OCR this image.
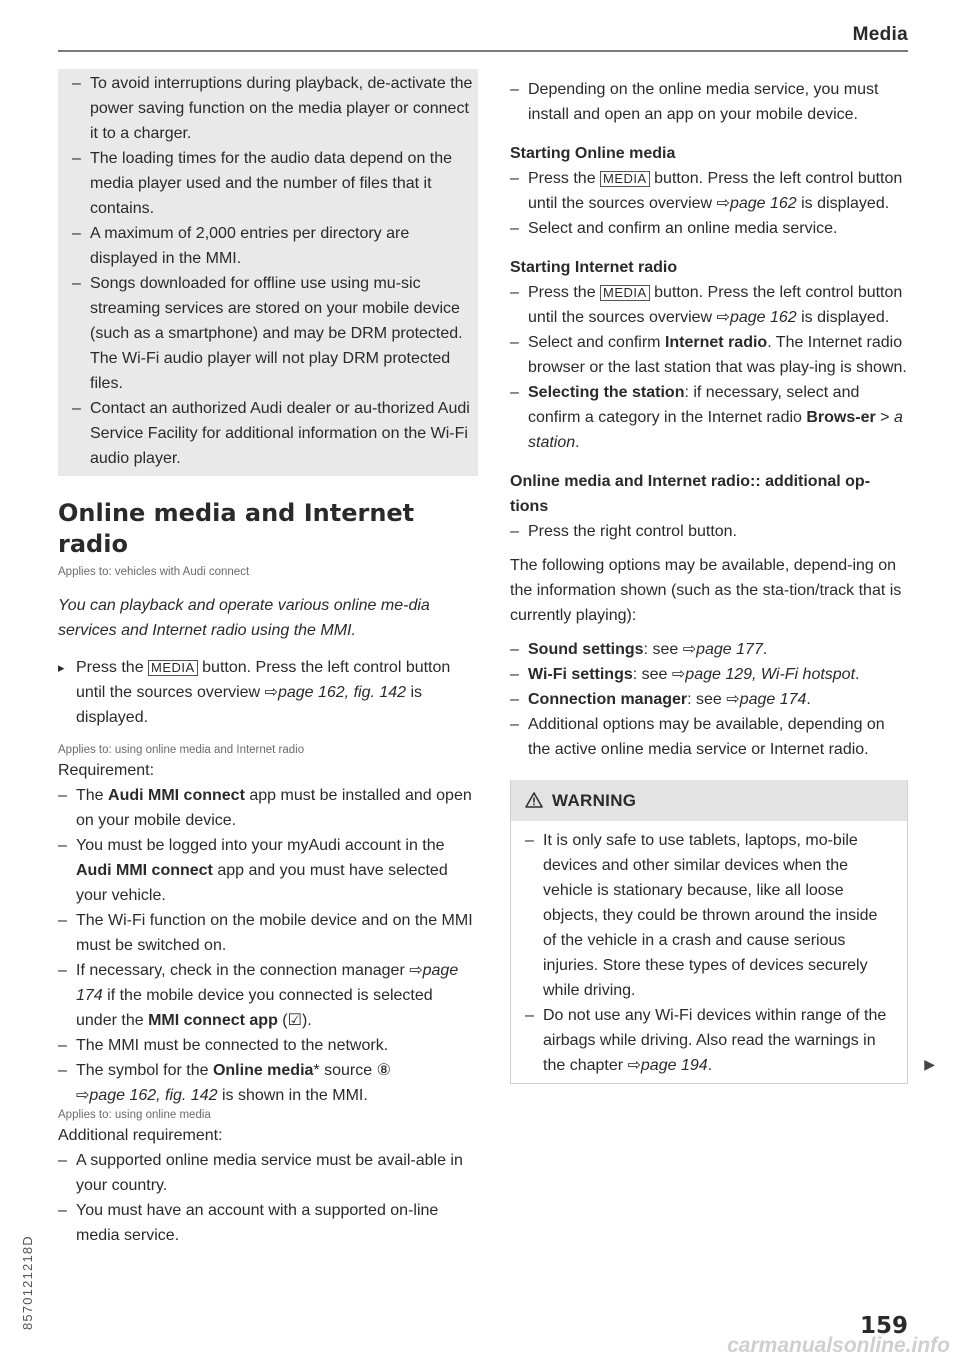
Media
– To avoid interruptions during playback, de-activate the power saving function on the media player or connect it to a charger.
– The loading times for the audio data depend on the media player used and the number of files that it contains.
– A maximum of 2,000 entries per directory are displayed in the MMI.
– Songs downloaded for offline use using mu-sic streaming services are stored on your mobile device (such as a smartphone) and may be DRM protected. The Wi-Fi audio player will not play DRM protected files.
– Contact an authorized Audi dealer or au-thorized Audi Service Facility for additional information on the Wi-Fi audio player.
Online media and Internet radio
Applies to: vehicles with Audi connect
You can playback and operate various online me-dia services and Internet radio using the MMI.
▸ Press the MEDIA button. Press the left control button until the sources overview ⇨page 162, fig. 142 is displayed.
Applies to: using online media and Internet radio
Requirement:
– The Audi MMI connect app must be installed and open on your mobile device.
– You must be logged into your myAudi account in the Audi MMI connect app and you must have selected your vehicle.
– The Wi-Fi function on the mobile device and on the MMI must be switched on.
– If necessary, check in the connection manager ⇨page 174 if the mobile device you connected is selected under the MMI connect app (☑).
– The MMI must be connected to the network.
– The symbol for the Online media* source ⑧
⇨page 162, fig. 142 is shown in the MMI.
Applies to: using online media
Additional requirement:
– A supported online media service must be avail-able in your country.
– You must have an account with a supported on-line media service.
– Depending on the online media service, you must install and open an app on your mobile device.
Starting Online media
– Press the MEDIA button. Press the left control button until the sources overview ⇨page 162 is displayed.
– Select and confirm an online media service.
Starting Internet radio
– Press the MEDIA button. Press the left control button until the sources overview ⇨page 162 is displayed.
– Select and confirm Internet radio. The Internet radio browser or the last station that was play-ing is shown.
– Selecting the station: if necessary, select and confirm a category in the Internet radio Brows-er > a station.
Online media and Internet radio:: additional op-tions
– Press the right control button.
The following options may be available, depend-ing on the information shown (such as the sta-tion/track that is currently playing):
– Sound settings: see ⇨page 177.
– Wi-Fi settings: see ⇨page 129, Wi-Fi hotspot.
– Connection manager: see ⇨page 174.
– Additional options may be available, depending on the active online media service or Internet radio.
WARNING
– It is only safe to use tablets, laptops, mo-bile devices and other similar devices when the vehicle is stationary because, like all loose objects, they could be thrown around the inside of the vehicle in a crash and cause serious injuries. Store these types of devices securely while driving.
– Do not use any Wi-Fi devices within range of the airbags while driving. Also read the warnings in the chapter ⇨page 194.	▶
8570121218D	159
carmanualsonline.info
